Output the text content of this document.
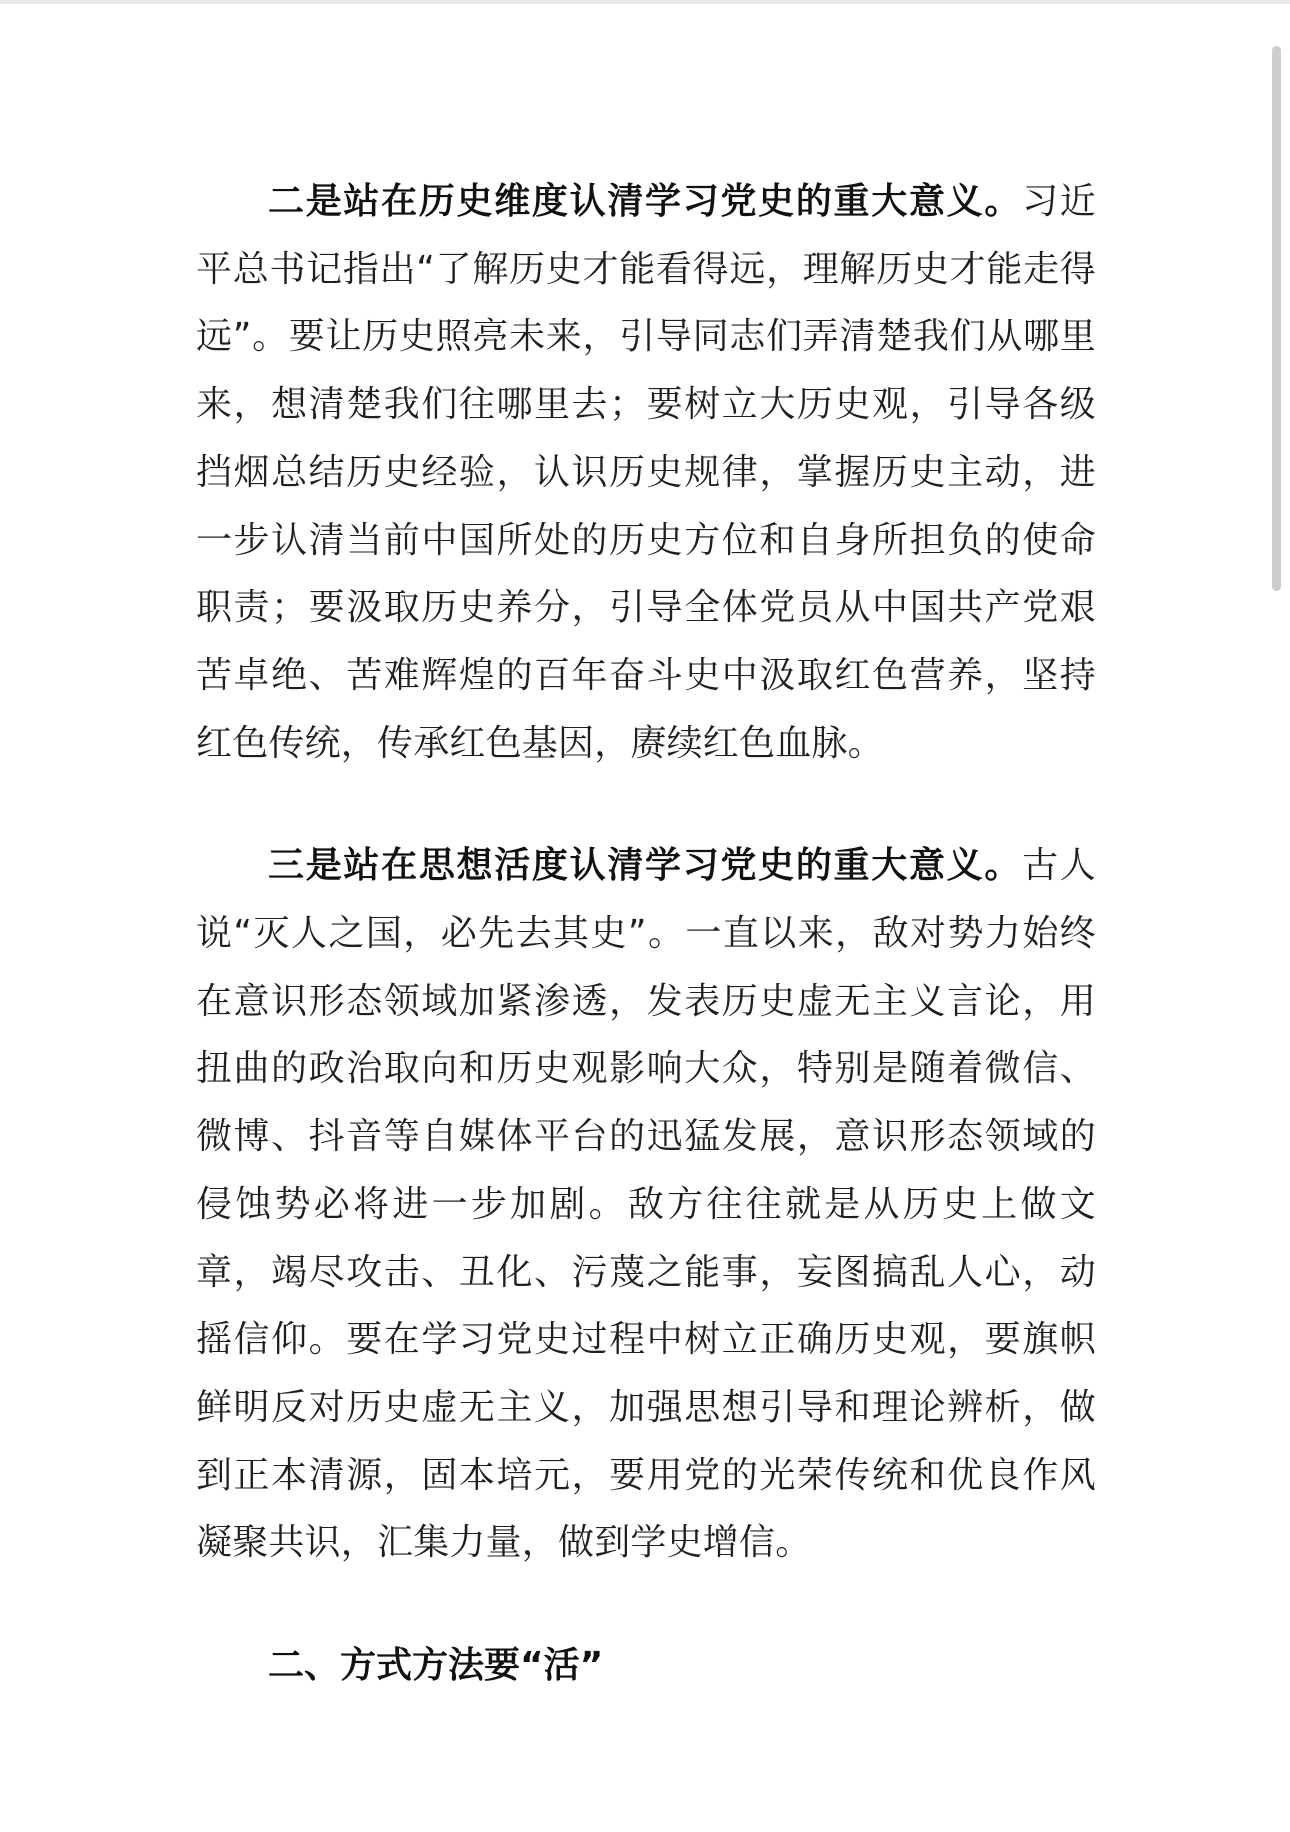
二是站在历史维度认清学习党史的重大意义。习近平总书记指出“了解历史才能看得远，理解历史才能走得远”。要让历史照亮未来，引导同志们弄清楚我们从哪里来，想清楚我们往哪里去；要树立大历史观，引导各级挡烟总结历史经验，认识历史规律，掌握历史主动，进一步认清当前中国所处的历史方位和自身所担负的使命职责；要汲取历史养分，引导全体党员从中国共产党艰苦卓绝、苦难辉煌的百年奋斗史中汲取红色营养，坚持红色传统，传承红色基因，赓续红色血脉。

三是站在思想活度认清学习党史的重大意义。古人说“灭人之国，必先去其史”。一直以来，敌对势力始终在意识形态领域加紧渗透，发表历史虚无主义言论，用扭曲的政治取向和历史观影响大众，特别是随着微信、微博、抖音等自媒体平台的迅猛发展，意识形态领域的侵蚀势必将进一步加剧。敌方往往就是从历史上做文章，竭尽攻击、丑化、污蔑之能事，妄图搞乱人心，动摇信仰。要在学习党史过程中树立正确历史观，要旗帜鲜明反对历史虚无主义，加强思想引导和理论辨析，做到正本清源，固本培元，要用党的光荣传统和优良作风凝聚共识，汇集力量，做到学史增信。

二、方式方法要“活”
